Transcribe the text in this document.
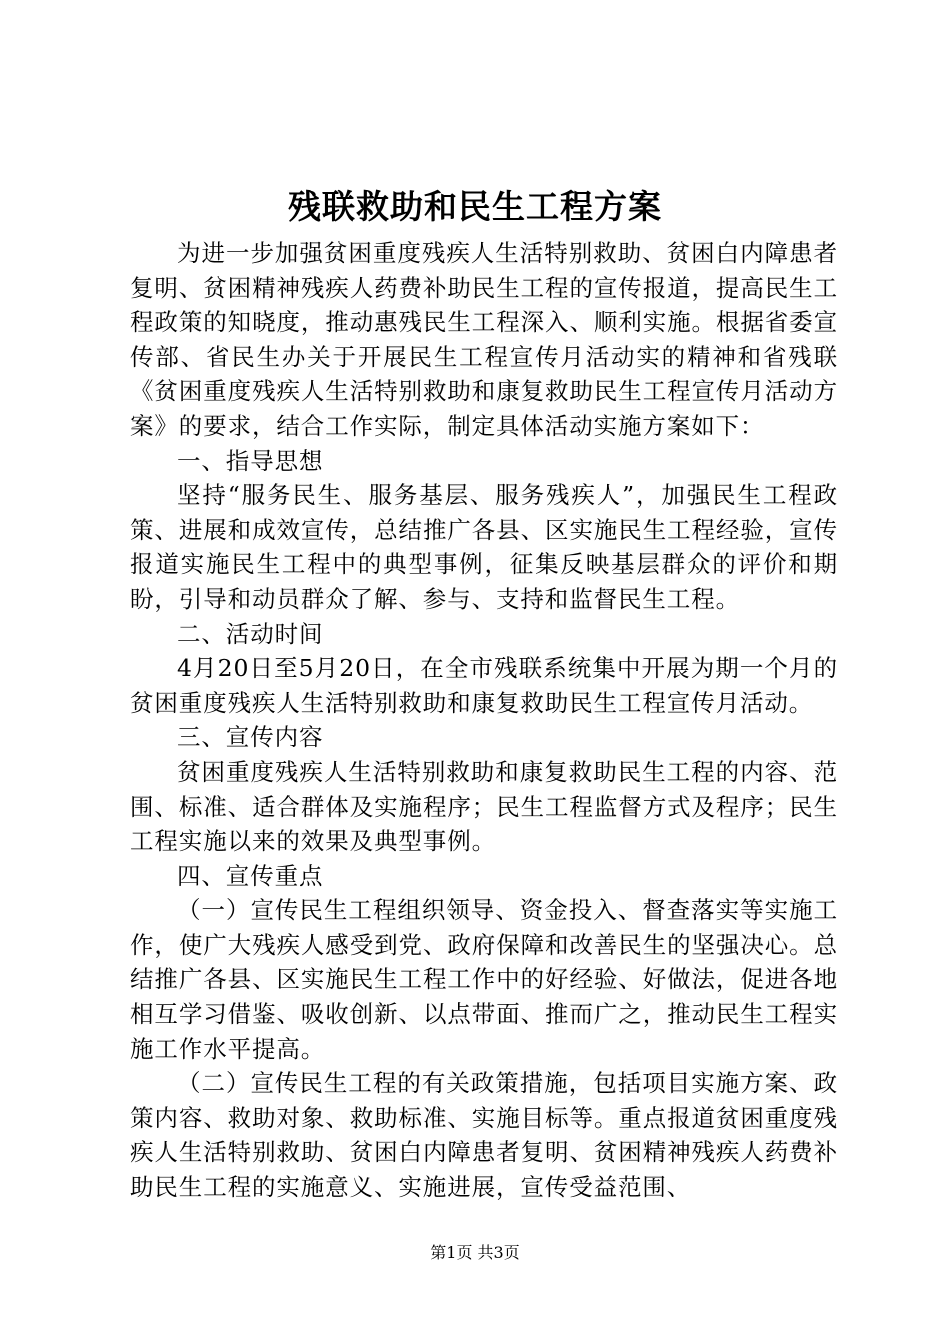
残联救助和民生工程方案

为进一步加强贫困重度残疾人生活特别救助、贫困白内障患者复明、贫困精神残疾人药费补助民生工程的宣传报道，提高民生工程政策的知晓度，推动惠残民生工程深入、顺利实施。根据省委宣传部、省民生办关于开展民生工程宣传月活动实的精神和省残联《贫困重度残疾人生活特别救助和康复救助民生工程宣传月活动方案》的要求，结合工作实际，制定具体活动实施方案如下：

一、指导思想

坚持“服务民生、服务基层、服务残疾人”，加强民生工程政策、进展和成效宣传，总结推广各县、区实施民生工程经验，宣传报道实施民生工程中的典型事例，征集反映基层群众的评价和期盼，引导和动员群众了解、参与、支持和监督民生工程。

二、活动时间

4月20日至5月20日，在全市残联系统集中开展为期一个月的贫困重度残疾人生活特别救助和康复救助民生工程宣传月活动。

三、宣传内容

贫困重度残疾人生活特别救助和康复救助民生工程的内容、范围、标准、适合群体及实施程序；民生工程监督方式及程序；民生工程实施以来的效果及典型事例。

四、宣传重点

（一）宣传民生工程组织领导、资金投入、督查落实等实施工作，使广大残疾人感受到党、政府保障和改善民生的坚强决心。总结推广各县、区实施民生工程工作中的好经验、好做法，促进各地相互学习借鉴、吸收创新、以点带面、推而广之，推动民生工程实施工作水平提高。

（二）宣传民生工程的有关政策措施，包括项目实施方案、政策内容、救助对象、救助标准、实施目标等。重点报道贫困重度残疾人生活特别救助、贫困白内障患者复明、贫困精神残疾人药费补助民生工程的实施意义、实施进展，宣传受益范围、

第1页 共3页
